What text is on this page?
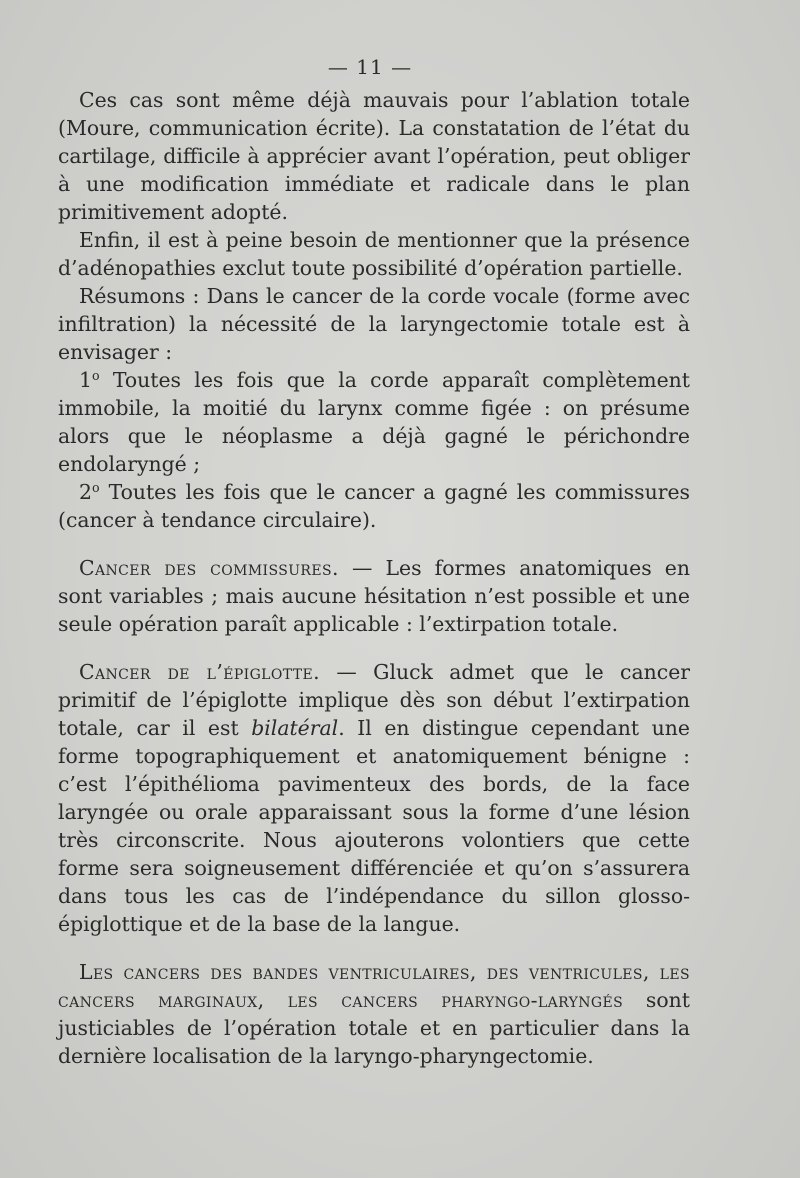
— 11 —

Ces cas sont même déjà mauvais pour l’ablation totale (Moure, communication écrite). La constatation de l’état du cartilage, difficile à apprécier avant l’opération, peut obliger à une modification immédiate et radicale dans le plan primitivement adopté.

Enfin, il est à peine besoin de mentionner que la présence d’adénopathies exclut toute possibilité d’opération partielle.

Résumons : Dans le cancer de la corde vocale (forme avec infiltration) la nécessité de la laryngectomie totale est à envisager :

1$^o$ Toutes les fois que la corde apparaît complètement immobile, la moitié du larynx comme figée : on présume alors que le néoplasme a déjà gagné le périchondre endolaryngé ;

2$^o$ Toutes les fois que le cancer a gagné les commissures (cancer à tendance circulaire).

Cancer des commissures. — Les formes anatomiques en sont variables ; mais aucune hésitation n’est possible et une seule opération paraît applicable : l’extirpation totale.

Cancer de l’épiglotte. — Gluck admet que le cancer primitif de l’épiglotte implique dès son début l’extirpation totale, car il est bilatéral. Il en distingue cependant une forme topographiquement et anatomiquement bénigne : c’est l’épithélioma pavimenteux des bords, de la face laryngée ou orale apparaissant sous la forme d’une lésion très circonscrite. Nous ajouterons volontiers que cette forme sera soigneusement différenciée et qu’on s’assurera dans tous les cas de l’indépendance du sillon glosso-épiglottique et de la base de la langue.

Les cancers des bandes ventriculaires, des ventricules, les cancers marginaux, les cancers pharyngo-laryngés sont justiciables de l’opération totale et en particulier dans la dernière localisation de la laryngo-pharyngectomie.
